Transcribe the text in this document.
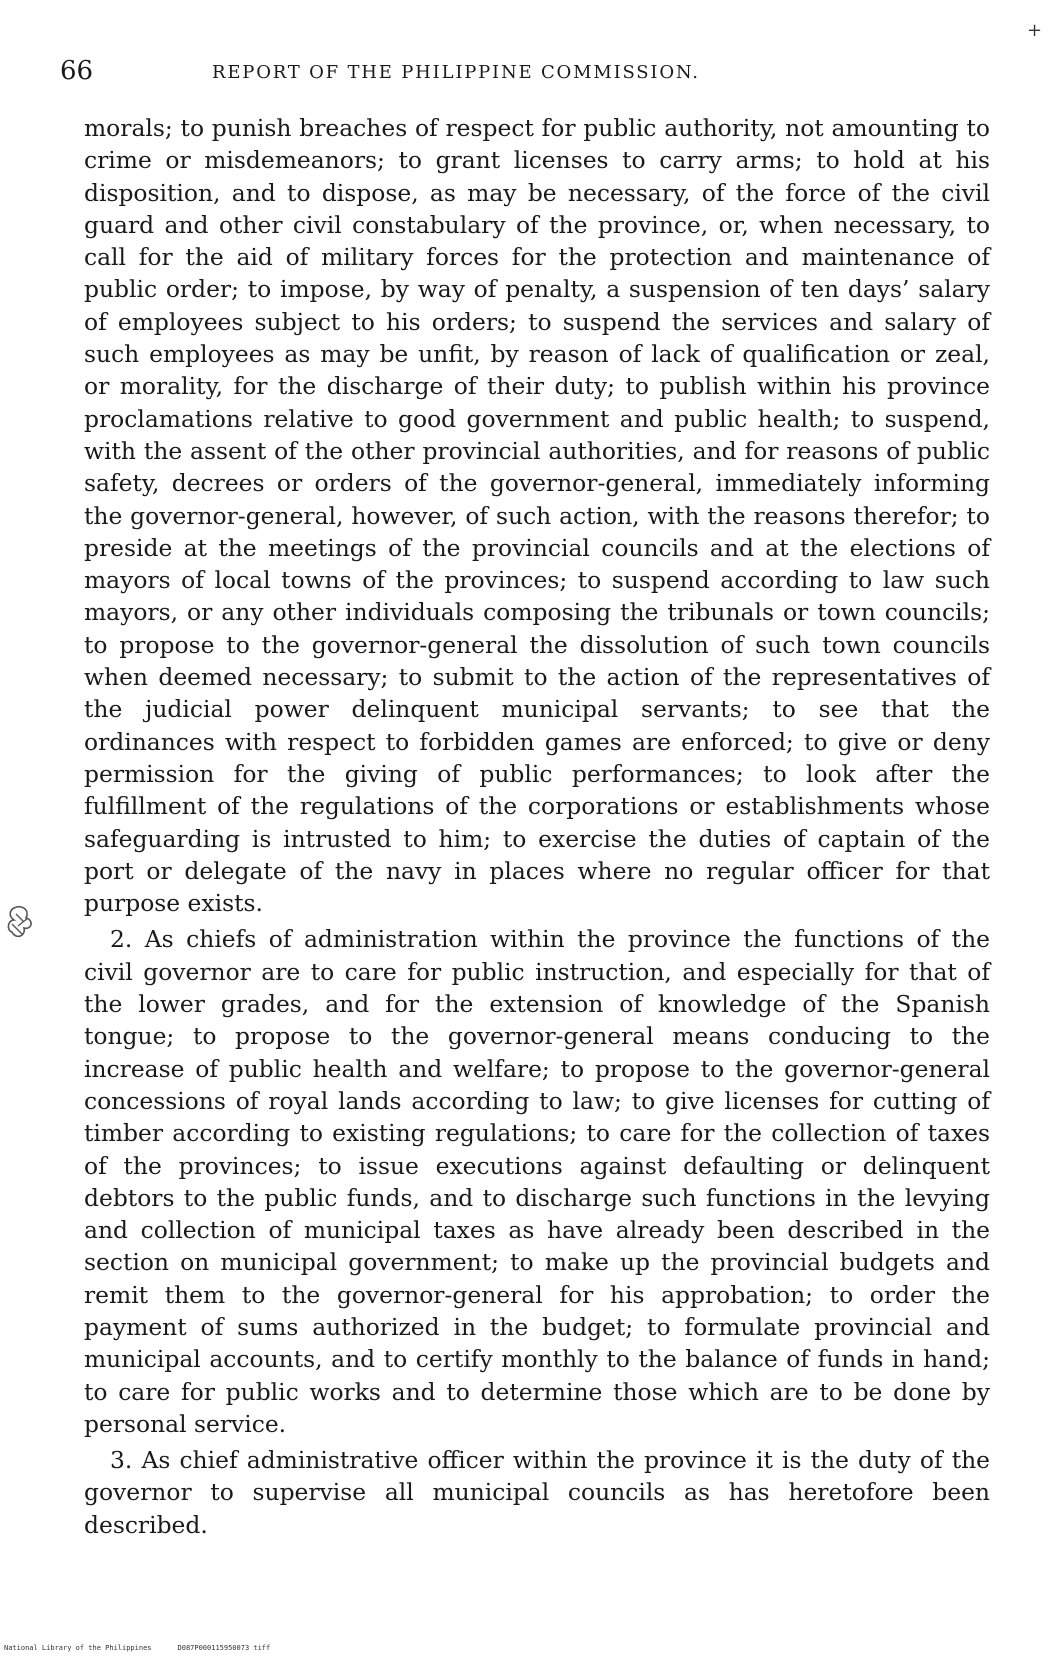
66	REPORT OF THE PHILIPPINE COMMISSION.
+

morals; to punish breaches of respect for public authority, not amounting to crime or misdemeanors; to grant licenses to carry arms; to hold at his disposition, and to dispose, as may be necessary, of the force of the civil guard and other civil constabulary of the province, or, when necessary, to call for the aid of military forces for the protection and maintenance of public order; to impose, by way of penalty, a suspension of ten days’ salary of employees subject to his orders; to suspend the services and salary of such employees as may be unfit, by reason of lack of qualification or zeal, or morality, for the discharge of their duty; to publish within his province proclamations relative to good government and public health; to suspend, with the assent of the other provincial authorities, and for reasons of public safety, decrees or orders of the governor-general, immediately informing the governor-general, however, of such action, with the reasons therefor; to preside at the meetings of the provincial councils and at the elections of mayors of local towns of the provinces; to suspend according to law such mayors, or any other individuals composing the tribunals or town councils; to propose to the governor-general the dissolution of such town councils when deemed necessary; to submit to the action of the representatives of the judicial power delinquent municipal servants; to see that the ordinances with respect to forbidden games are enforced; to give or deny permission for the giving of public performances; to look after the fulfillment of the regulations of the corporations or establishments whose safeguarding is intrusted to him; to exercise the duties of captain of the port or delegate of the navy in places where no regular officer for that purpose exists.

2. As chiefs of administration within the province the functions of the civil governor are to care for public instruction, and especially for that of the lower grades, and for the extension of knowledge of the Spanish tongue; to propose to the governor-general means conducing to the increase of public health and welfare; to propose to the governor-general concessions of royal lands according to law; to give licenses for cutting of timber according to existing regulations; to care for the collection of taxes of the provinces; to issue executions against defaulting or delinquent debtors to the public funds, and to discharge such functions in the levying and collection of municipal taxes as have already been described in the section on municipal government; to make up the provincial budgets and remit them to the governor-general for his approbation; to order the payment of sums authorized in the budget; to formulate provincial and municipal accounts, and to certify monthly to the balance of funds in hand; to care for public works and to determine those which are to be done by personal service.

3. As chief administrative officer within the province it is the duty of the governor to supervise all municipal councils as has heretofore been described.

National Library of the Philippines	D087P000115950073 tiff
